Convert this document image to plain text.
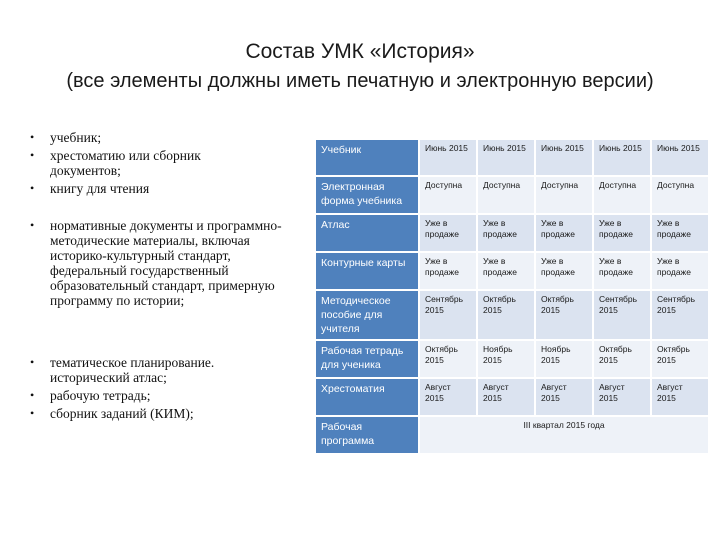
Состав УМК «История»
(все элементы должны иметь печатную и электронную версии)
• учебник;
• хрестоматию или сборник документов;
• книгу для чтения
• нормативные документы и программно-методические материалы, включая историко-культурный стандарт, федеральный государственный образовательный стандарт, примерную программу по истории;
• тематическое планирование. исторический атлас;
• рабочую тетрадь;
• сборник заданий (КИМ);
Учебник	Июнь 2015	Июнь 2015	Июнь 2015	Июнь 2015	Июнь 2015
Электронная форма учебника	Доступна	Доступна	Доступна	Доступна	Доступна
Атлас	Уже в продаже	Уже в продаже	Уже в продаже	Уже в продаже	Уже в продаже
Контурные карты	Уже в продаже	Уже в продаже	Уже в продаже	Уже в продаже	Уже в продаже
Методическое пособие для учителя	Сентябрь 2015	Октябрь 2015	Октябрь 2015	Сентябрь 2015	Сентябрь 2015
Рабочая тетрадь для ученика	Октябрь 2015	Ноябрь 2015	Ноябрь 2015	Октябрь 2015	Октябрь 2015
Хрестоматия	Август 2015	Август 2015	Август 2015	Август 2015	Август 2015
Рабочая программа	III квартал 2015 года				
